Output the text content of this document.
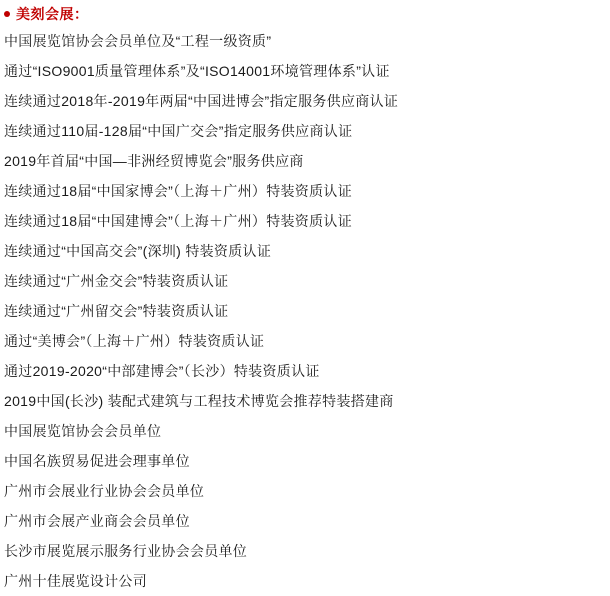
美刻会展：
中国展览馆协会会员单位及“工程一级资质”
通过“ISO9001质量管理体系”及“ISO14001环境管理体系”认证
连续通过2018年-2019年两届“中国进博会”指定服务供应商认证
连续通过110届-128届“中国广交会”指定服务供应商认证
2019年首届“中国—非洲经贸博览会”服务供应商
连续通过18届“中国家博会”（上海＋广州）特装资质认证
连续通过18届“中国建博会”（上海＋广州）特装资质认证
连续通过“中国高交会”(深圳) 特装资质认证
连续通过“广州金交会”特装资质认证
连续通过“广州留交会”特装资质认证
通过“美博会”（上海＋广州）特装资质认证
通过2019-2020“中部建博会”（长沙）特装资质认证
2019中国(长沙) 装配式建筑与工程技术博览会推荐特装搭建商
中国展览馆协会会员单位
中国名族贸易促进会理事单位
广州市会展业行业协会会员单位
广州市会展产业商会会员单位
长沙市展览展示服务行业协会会员单位
广州十佳展览设计公司
